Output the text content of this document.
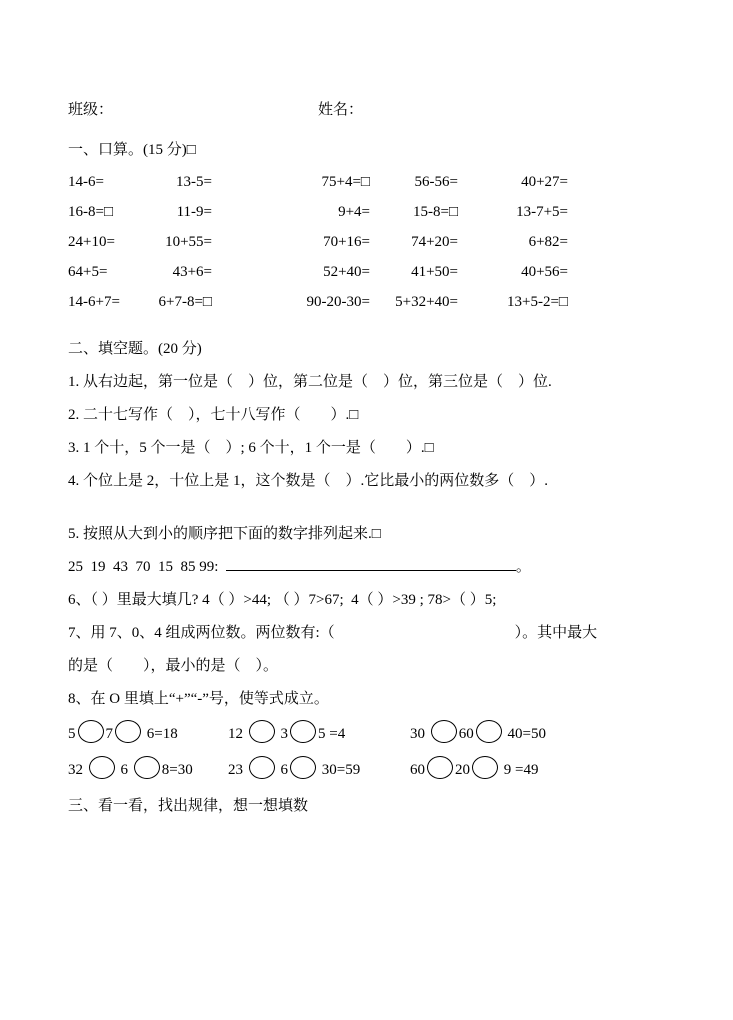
班级：	姓名：

一、口算。(15 分)□

14-6=	13-5=	75+4=□	56-56=	40+27=
16-8=□	11-9=	9+4=	15-8=□	13-7+5=
24+10=	10+55=	70+16=	74+20=	6+82=
64+5=	43+6=	52+40=	41+50=	40+56=
14-6+7=	6+7-8=□	90-20-30=	5+32+40=	13+5-2=□

二、填空题。(20 分)

1. 从右边起，第一位是（　）位，第二位是（　）位，第三位是（　）位.

2. 二十七写作（　），七十八写作（　　）.□

3. 1 个十，5 个一是（　）; 6 个十，1 个一是（　　）.□

4. 个位上是 2，十位上是 1，这个数是（　）.它比最小的两位数多（　）.

5. 按照从大到小的顺序把下面的数字排列起来.□

25  19  43  70  15  85 99:	。

6、（ ）里最大填几? 4（ ）>44; （ ）7>67;  4（ ）>39 ; 78>（ ）5;

7、用 7、0、4 组成两位数。两位数有:（　　　　　　　　　　　　）。其中最大

的是（　　），最小的是（　）。

8、在 O 里填上“+”“-”号，使等式成立。

5 7 6=18	12  3 5 =4	30 60 40=50
32  6 8=30	23  6 30=59	60 20 9 =49

三、看一看，找出规律，想一想填数
